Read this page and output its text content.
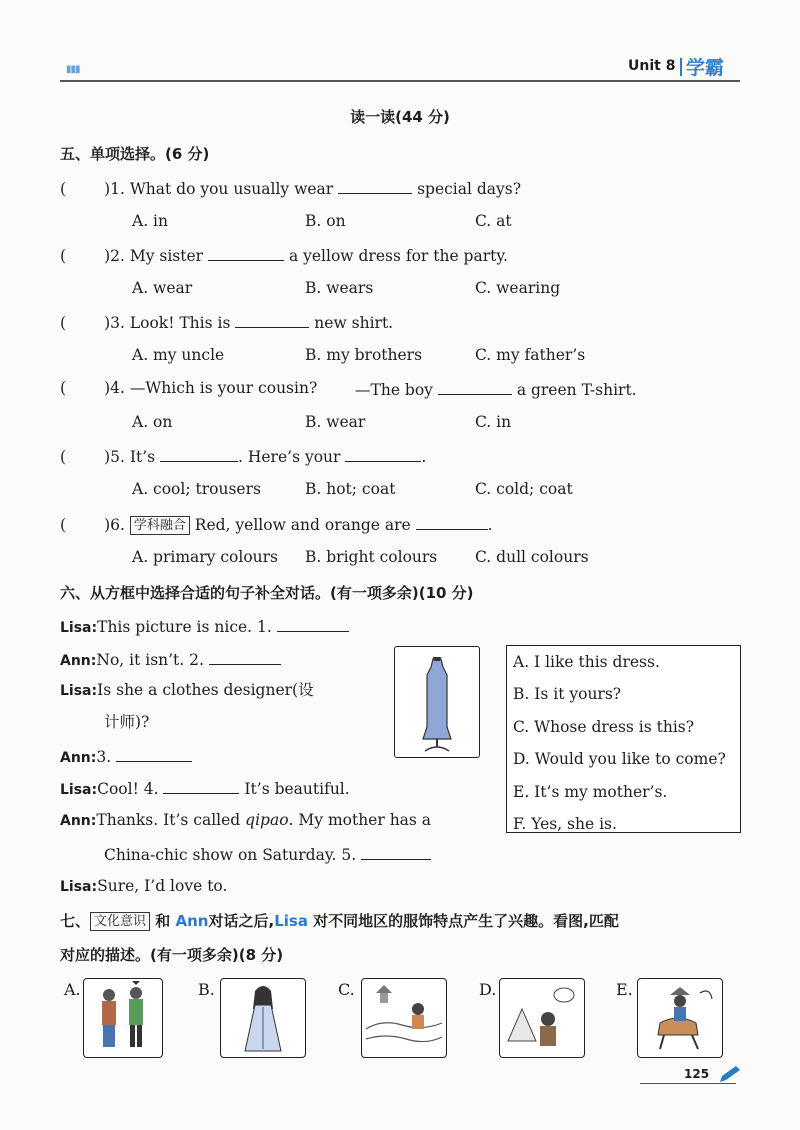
▮▮▮	Unit 8 学霸
读一读(44 分)
五、单项选择。(6 分)
( )1. What do you usually wear	special days?
A. in	B. on	C. at
( )2. My sister	a yellow dress for the party.
A. wear	B. wears	C. wearing
( )3. Look! This is	new shirt.
A. my uncle	B. my brothers	C. my father’s
( )4. —Which is your cousin? —The boy	a green T-shirt.
A. on	B. wear	C. in
( )5. It’s	. Here’s your	.
A. cool; trousers	B. hot; coat	C. cold; coat
( )6. 学科融合 Red, yellow and orange are	.
A. primary colours B. bright colours C. dull colours
六、从方框中选择合适的句子补全对话。(有一项多余)(10 分)
Lisa:This picture is nice. 1.
Ann:No, it isn’t. 2.
Lisa:Is she a clothes designer(设
计师)?
Ann:3.
Lisa:Cool! 4.	It’s beautiful.
Ann:Thanks. It’s called qipao. My mother has a
China-chic show on Saturday. 5.
Lisa:Sure, I’d love to.
A. I like this dress.
B. Is it yours?
C. Whose dress is this?
D. Would you like to come?
E. It’s my mother’s.
F. Yes, she is.
七、 文化意识 和 Ann对话之后,Lisa 对不同地区的服饰特点产生了兴趣。看图,匹配
对应的描述。(有一项多余)(8 分)
A.	B.	C.	D.	E.
125
